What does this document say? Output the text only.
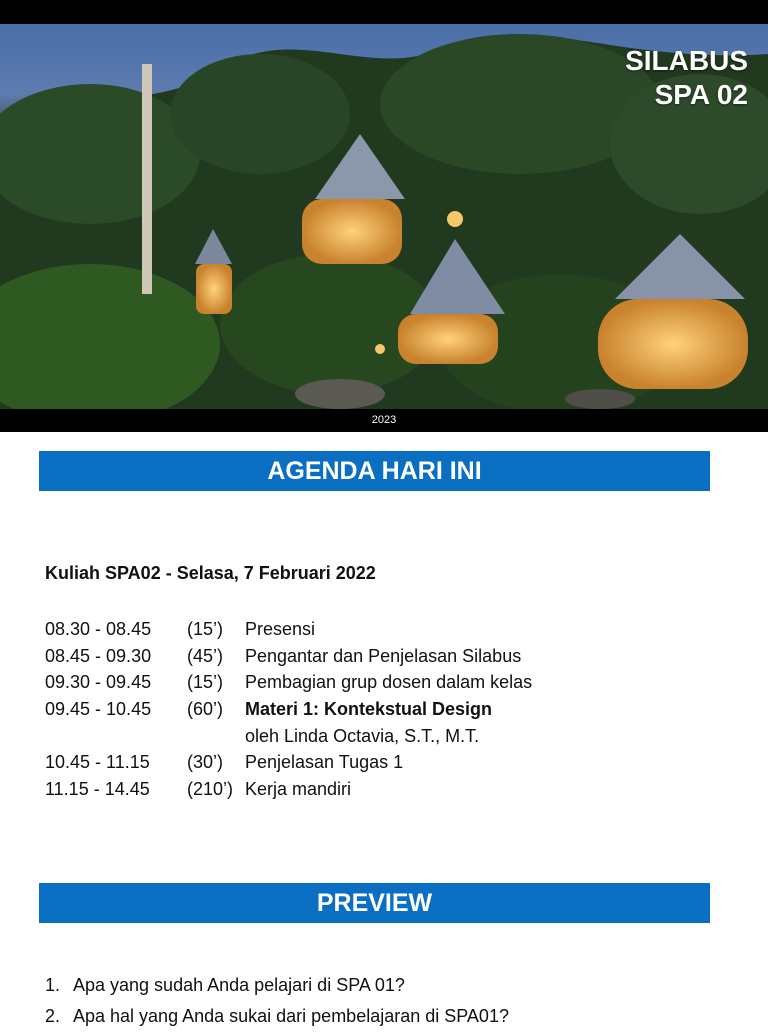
SILABUS
SPA 02
2023
AGENDA HARI INI
Kuliah SPA02 - Selasa, 7 Februari 2022
08.30 - 08.45 (15’) Presensi
08.45 - 09.30 (45’) Pengantar dan Penjelasan Silabus
09.30 - 09.45 (15’) Pembagian grup dosen dalam kelas
09.45 - 10.45 (60’) Materi 1: Kontekstual Design
oleh Linda Octavia, S.T., M.T.
10.45 - 11.15 (30’) Penjelasan Tugas 1
11.15 - 14.45 (210’) Kerja mandiri
PREVIEW
1. Apa yang sudah Anda pelajari di SPA 01?
2. Apa hal yang Anda sukai dari pembelajaran di SPA01?
